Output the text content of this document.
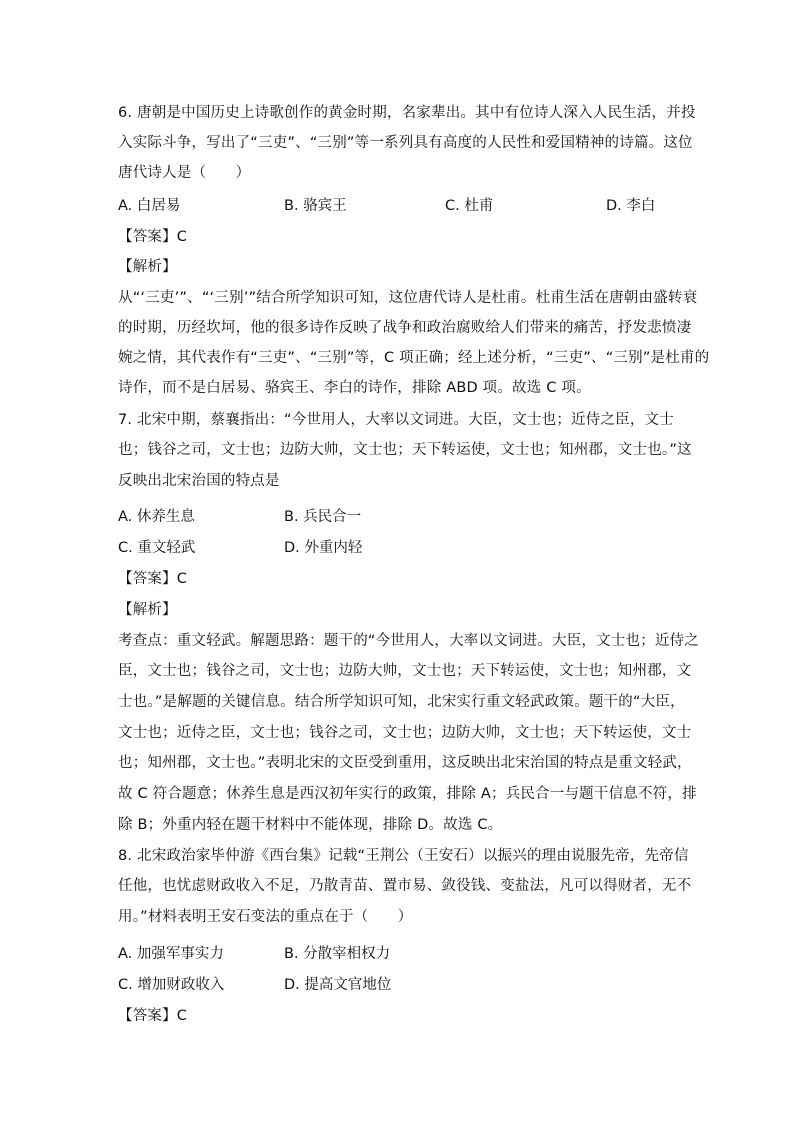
6. 唐朝是中国历史上诗歌创作的黄金时期，名家辈出。其中有位诗人深入人民生活，并投
入实际斗争，写出了“三吏”、“三别”等一系列具有高度的人民性和爱国精神的诗篇。这位
唐代诗人是（　　）
A. 白居易	B. 骆宾王	C. 杜甫	D. 李白
【答案】C
【解析】
从“‘三吏’”、“‘三别’”结合所学知识可知，这位唐代诗人是杜甫。杜甫生活在唐朝由盛转衰
的时期，历经坎坷，他的很多诗作反映了战争和政治腐败给人们带来的痛苦，抒发悲愤凄
婉之情，其代表作有“三吏”、“三别”等，C 项正确；经上述分析，“三吏”、“三别”是杜甫的
诗作，而不是白居易、骆宾王、李白的诗作，排除 ABD 项。故选 C 项。
7. 北宋中期，蔡襄指出：“今世用人，大率以文词进。大臣，文士也；近侍之臣，文士
也；钱谷之司，文士也；边防大帅，文士也；天下转运使，文士也；知州郡，文士也。”这
反映出北宋治国的特点是
A. 休养生息	B. 兵民合一
C. 重文轻武	D. 外重内轻
【答案】C
【解析】
考查点：重文轻武。解题思路：题干的“今世用人，大率以文词进。大臣，文士也；近侍之
臣，文士也；钱谷之司，文士也；边防大帅，文士也；天下转运使，文士也；知州郡，文
士也。”是解题的关键信息。结合所学知识可知，北宋实行重文轻武政策。题干的“大臣，
文士也；近侍之臣，文士也；钱谷之司，文士也；边防大帅，文士也；天下转运使，文士
也；知州郡，文士也。”表明北宋的文臣受到重用，这反映出北宋治国的特点是重文轻武，
故 C 符合题意；休养生息是西汉初年实行的政策，排除 A；兵民合一与题干信息不符，排
除 B；外重内轻在题干材料中不能体现，排除 D。故选 C。
8. 北宋政治家毕仲游《西台集》记载“王荆公（王安石）以振兴的理由说服先帝，先帝信
任他，也忧虑财政收入不足，乃散青苗、置市易、敛役钱、变盐法，凡可以得财者，无不
用。”材料表明王安石变法的重点在于（　　）
A. 加强军事实力	B. 分散宰相权力
C. 增加财政收入	D. 提高文官地位
【答案】C
